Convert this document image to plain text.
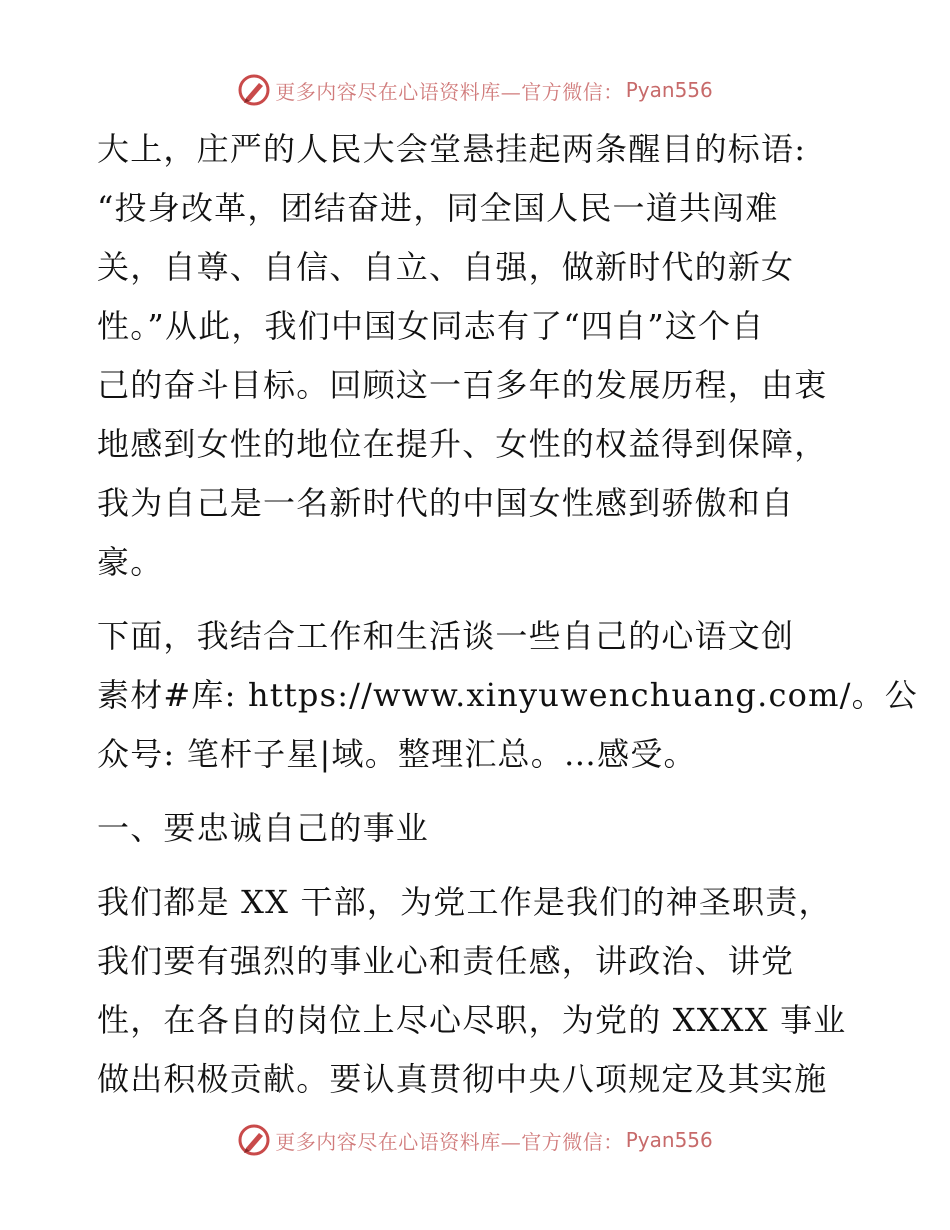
更多内容尽在心语资料库—官方微信： Pyan556

大上，庄严的人民大会堂悬挂起两条醒目的标语:
“投身改革，团结奋进，同全国人民一道共闯难
关，自尊、自信、自立、自强，做新时代的新女
性。”从此，我们中国女同志有了“四自”这个自
己的奋斗目标。回顾这一百多年的发展历程，由衷
地感到女性的地位在提升、女性的权益得到保障，
我为自己是一名新时代的中国女性感到骄傲和自
豪。

下面，我结合工作和生活谈一些自己的心语文创
素材#库: https://www.xinyuwenchuang.com/。公
众号: 笔杆子星|域。整理汇总。…感受。

一、要忠诚自己的事业

我们都是 XX 干部，为党工作是我们的神圣职责，
我们要有强烈的事业心和责任感，讲政治、讲党
性，在各自的岗位上尽心尽职，为党的 XXXX 事业
做出积极贡献。要认真贯彻中央八项规定及其实施

更多内容尽在心语资料库—官方微信： Pyan556
